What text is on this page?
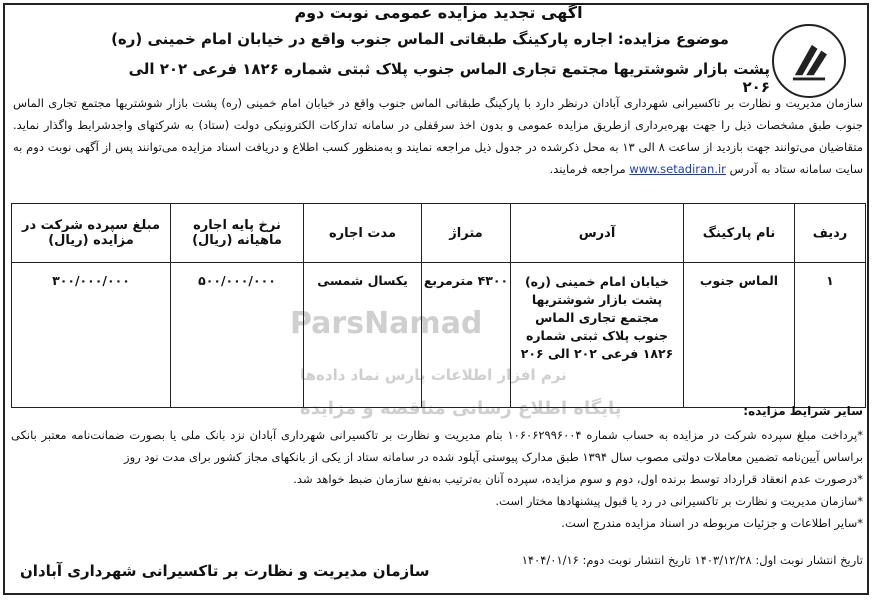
ParsNamad
نرم افزار اطلاعات پارس نماد داده‌ها
پایگاه اطلاع رسانی مناقصه و مزایده
آگهی تجدید مزایده عمومی نوبت دوم
موضوع مزایده: اجاره پارکینگ طبقاتی الماس جنوب واقع در خیابان امام خمینی (ره)
پشت بازار شوشتریها مجتمع تجاری الماس جنوب پلاک ثبتی شماره ۱۸۲۶ فرعی ۲۰۲ الی ۲۰۶
سازمان مدیریت و نظارت بر تاکسیرانی شهرداری آبادان درنظر دارد با پارکینگ طبقاتی الماس جنوب واقع در خیابان امام خمینی (ره) پشت بازار شوشتریها مجتمع تجاری الماس جنوب طبق مشخصات ذیل را جهت بهره‌برداری ازطریق مزایده عمومی و بدون اخذ سرقفلی در سامانه تدارکات الکترونیکی دولت (ستاد) به شرکتهای واجدشرایط واگذار نماید. متقاضیان می‌توانند جهت بازدید از ساعت ۸ الی ۱۳ به محل ذکرشده در جدول ذیل مراجعه نمایند و به‌منظور کسب اطلاع و دریافت اسناد مزایده می‌توانند پس از آگهی نوبت دوم به سایت سامانه ستاد به آدرس www.setadiran.ir مراجعه فرمایند.
ردیف	نام پارکینگ	آدرس	متراژ	مدت اجاره	نرخ پایه اجاره ماهیانه (ریال)	مبلغ سپرده شرکت در مزایده (ریال)
۱	الماس جنوب	خیابان امام خمینی (ره) پشت بازار شوشتریها مجتمع تجاری الماس جنوب پلاک ثبتی شماره ۱۸۲۶ فرعی ۲۰۲ الی ۲۰۶	۴۳۰۰ مترمربع	یکسال شمسی	۵۰۰/۰۰۰/۰۰۰	۳۰۰/۰۰۰/۰۰۰
سایر شرایط مزایده:

*پرداخت مبلغ سپرده شرکت در مزایده به حساب شماره ۱۰۶۰۶۲۹۹۶۰۰۴ بنام مدیریت و نظارت بر تاکسیرانی شهرداری آبادان نزد بانک ملی یا بصورت ضمانت‌نامه معتبر بانکی براساس آیین‌نامه تضمین معاملات دولتی مصوب سال ۱۳۹۴ طبق مدارک پیوستی آپلود شده در سامانه ستاد از یکی از بانکهای مجاز کشور برای مدت نود روز

*درصورت عدم انعقاد قرارداد توسط برنده اول، دوم و سوم مزایده، سپرده آنان به‌ترتیب به‌نفع سازمان ضبط خواهد شد.

*سازمان مدیریت و نظارت بر تاکسیرانی در رد یا قبول پیشنهادها مختار است.

*سایر اطلاعات و جزئیات مربوطه در اسناد مزایده مندرج است.

تاریخ انتشار نوبت اول: ۱۴۰۳/۱۲/۲۸ تاریخ انتشار نوبت دوم: ۱۴۰۴/۰۱/۱۶
سازمان مدیریت و نظارت بر تاکسیرانی شهرداری آبادان
